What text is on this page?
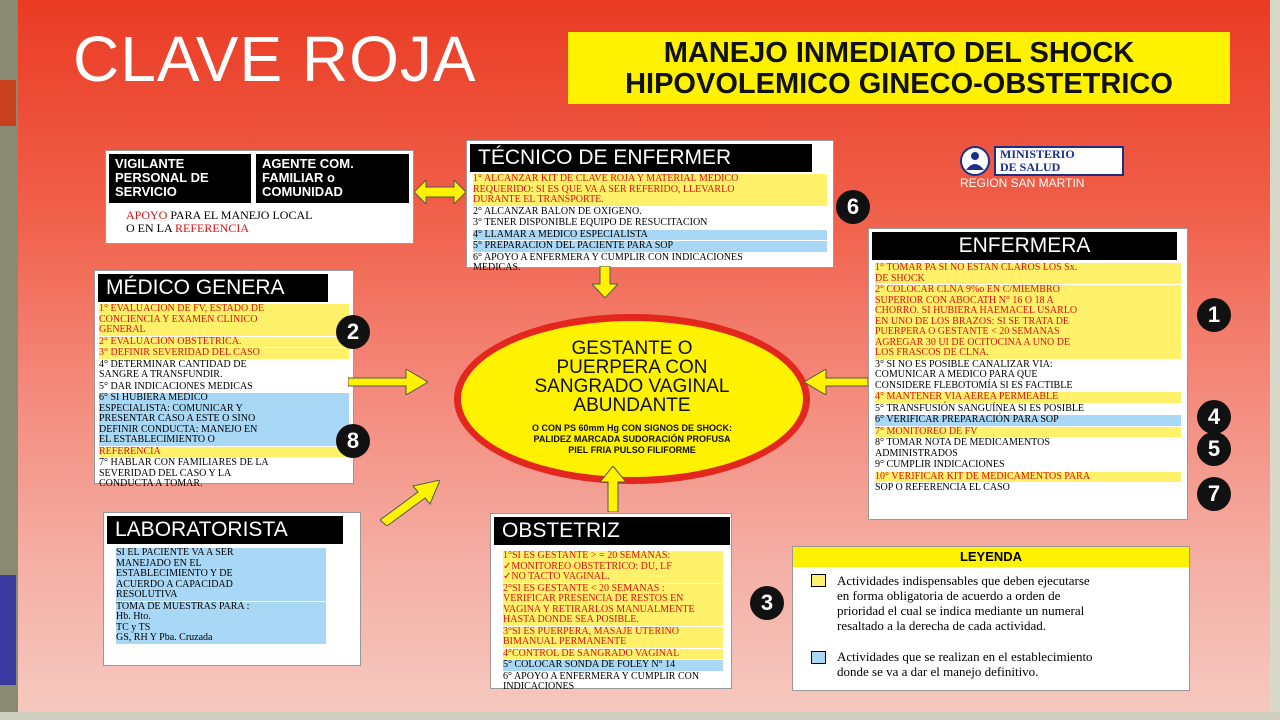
CLAVE ROJA	MANEJO INMEDIATO DEL SHOCK
HIPOVOLEMICO GINECO-OBSTETRICO
VIGILANTE
PERSONAL DE
SERVICIO
AGENTE COM.
FAMILIAR o
COMUNIDAD
APOYO PARA EL MANEJO LOCAL
O EN LA REFERENCIA
TÉCNICO DE ENFERMER
1° ALCANZAR KIT DE CLAVE ROJA Y MATERIAL MEDICO
REQUERIDO: SI ES QUE VA A SER REFERIDO, LLEVARLO
DURANTE EL TRANSPORTE.
2° ALCANZAR BALON DE OXIGENO.
3° TENER DISPONIBLE EQUIPO DE RESUCITACION
4° LLAMAR A MEDICO ESPECIALISTA
5° PREPARACION DEL PACIENTE PARA SOP
6° APOYO A ENFERMERA Y CUMPLIR CON INDICACIONES
MEDICAS.
A	MINISTERIO
DE SALUD
REGION SAN MARTIN
MÉDICO GENERA
1° EVALUACION DE FV, ESTADO DE
CONCIENCIA Y EXAMEN CLINICO
GENERAL
2° EVALUACION OBSTETRICA.
3° DEFINIR SEVERIDAD DEL CASO
4° DETERMINAR CANTIDAD DE
SANGRE A TRANSFUNDIR.
5° DAR INDICACIONES MEDICAS
6° SI HUBIERA MEDICO
ESPECIALISTA: COMUNICAR Y
PRESENTAR CASO A ESTE O SINO
DEFINIR CONDUCTA: MANEJO EN
EL ESTABLECIMIENTO O
REFERENCIA
7° HABLAR CON FAMILIARES DE LA
SEVERIDAD DEL CASO Y LA
CONDUCTA A TOMAR.
L
ENFERMERA
1° TOMAR PA SI NO ESTAN CLAROS LOS Sx.
DE SHOCK
2° COLOCAR CLNA 9%o EN C/MIEMBRO
SUPERIOR CON ABOCATH N° 16 O 18 A
CHORRO. SI HUBIERA HAEMACEL USARLO
EN UNO DE LOS BRAZOS: SI SE TRATA DE
PUERPERA O GESTANTE < 20 SEMANAS
AGREGAR 30 UI DE OCITOCINA A UNO DE
LOS FRASCOS DE CLNA.
3° SI NO ES POSIBLE CANALIZAR VIA:
COMUNICAR A MEDICO PARA QUE
CONSIDERE FLEBOTOMÍA SI ES FACTIBLE
4° MANTENER VIA AEREA PERMEABLE
5° TRANSFUSIÓN SANGUÍNEA SI ES POSIBLE
6° VERIFICAR PREPARACIÓN PARA SOP
7° MONITOREO DE FV
8° TOMAR NOTA DE MEDICAMENTOS
ADMINISTRADOS
9° CUMPLIR INDICACIONES
10° VERIFICAR KIT DE MEDICAMENTOS PARA
SOP O REFERENCIA EL CASO
GESTANTE O
PUERPERA CON
SANGRADO VAGINAL
ABUNDANTE
O CON PS 60mm Hg CON SIGNOS DE SHOCK:
PALIDEZ MARCADA SUDORACIÓN PROFUSA
PIEL FRIA PULSO FILIFORME
LABORATORISTA
SI EL PACIENTE VA A SER
MANEJADO EN EL
ESTABLECIMIENTO Y DE
ACUERDO A CAPACIDAD
RESOLUTIVA
TOMA DE MUESTRAS PARA :
Hb. Hto.
TC y TS
GS, RH Y Pba. Cruzada
OBSTETRIZ
1°SI ES GESTANTE > = 20 SEMANAS:
✓MONITOREO OBSTETRICO: DU, LF
✓NO TACTO VAGINAL.
2°SI ES GESTANTE < 20 SEMANAS :
VERIFICAR PRESENCIA DE RESTOS EN
VAGINA Y RETIRARLOS MANUALMENTE
HASTA DONDE SEA POSIBLE.
3°SI ES PUERPERA, MASAJE UTERINO
BIMANUAL PERMANENTE
4°CONTROL DE SANGRADO VAGINAL
5° COLOCAR SONDA DE FOLEY N° 14
6° APOYO A ENFERMERA Y CUMPLIR CON
INDICACIONES
LEYENDA
Actividades indispensables que deben ejecutarse
en forma obligatoria de acuerdo a orden de
prioridad el cual se indica mediante un numeral
resaltado a la derecha de cada actividad.
Actividades que se realizan en el establecimiento
donde se va a dar el manejo definitivo.
1
2
3
4
5
6
7
8
